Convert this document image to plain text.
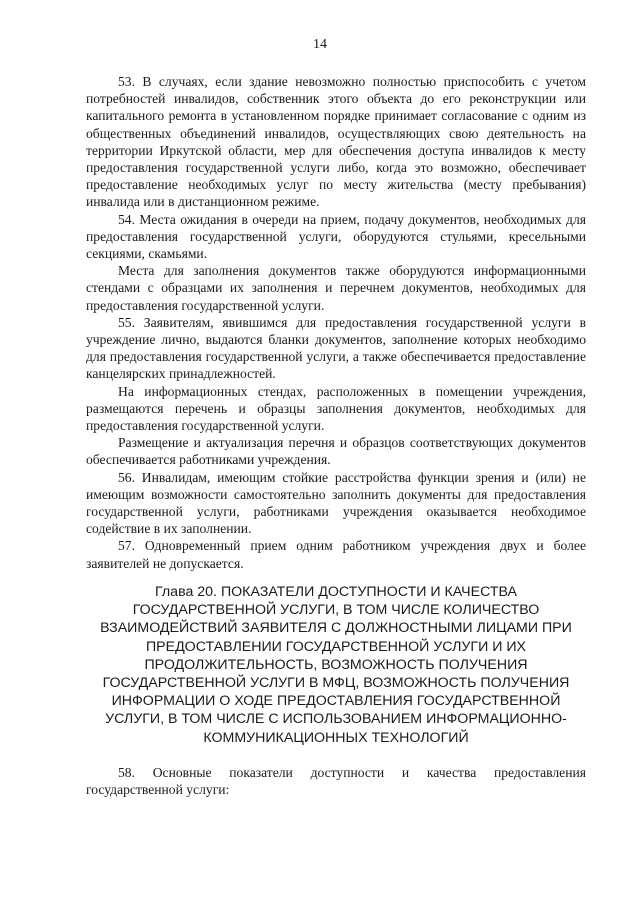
14

53. В случаях, если здание невозможно полностью приспособить с учетом потребностей инвалидов, собственник этого объекта до его реконструкции или капитального ремонта в установленном порядке принимает согласование с одним из общественных объединений инвалидов, осуществляющих свою деятельность на территории Иркутской области, мер для обеспечения доступа инвалидов к месту предоставления государственной услуги либо, когда это возможно, обеспечивает предоставление необходимых услуг по месту жительства (месту пребывания) инвалида или в дистанционном режиме.

54. Места ожидания в очереди на прием, подачу документов, необходимых для предоставления государственной услуги, оборудуются стульями, кресельными секциями, скамьями.

Места для заполнения документов также оборудуются информационными стендами с образцами их заполнения и перечнем документов, необходимых для предоставления государственной услуги.

55. Заявителям, явившимся для предоставления государственной услуги в учреждение лично, выдаются бланки документов, заполнение которых необходимо для предоставления государственной услуги, а также обеспечивается предоставление канцелярских принадлежностей.

На информационных стендах, расположенных в помещении учреждения, размещаются перечень и образцы заполнения документов, необходимых для предоставления государственной услуги.

Размещение и актуализация перечня и образцов соответствующих документов обеспечивается работниками учреждения.

56. Инвалидам, имеющим стойкие расстройства функции зрения и (или) не имеющим возможности самостоятельно заполнить документы для предоставления государственной услуги, работниками учреждения оказывается необходимое содействие в их заполнении.

57. Одновременный прием одним работником учреждения двух и более заявителей не допускается.

Глава 20. ПОКАЗАТЕЛИ ДОСТУПНОСТИ И КАЧЕСТВА ГОСУДАРСТВЕННОЙ УСЛУГИ, В ТОМ ЧИСЛЕ КОЛИЧЕСТВО ВЗАИМОДЕЙСТВИЙ ЗАЯВИТЕЛЯ С ДОЛЖНОСТНЫМИ ЛИЦАМИ ПРИ ПРЕДОСТАВЛЕНИИ ГОСУДАРСТВЕННОЙ УСЛУГИ И ИХ ПРОДОЛЖИТЕЛЬНОСТЬ, ВОЗМОЖНОСТЬ ПОЛУЧЕНИЯ ГОСУДАРСТВЕННОЙ УСЛУГИ В МФЦ, ВОЗМОЖНОСТЬ ПОЛУЧЕНИЯ ИНФОРМАЦИИ О ХОДЕ ПРЕДОСТАВЛЕНИЯ ГОСУДАРСТВЕННОЙ УСЛУГИ, В ТОМ ЧИСЛЕ С ИСПОЛЬЗОВАНИЕМ ИНФОРМАЦИОННО-КОММУНИКАЦИОННЫХ ТЕХНОЛОГИЙ

58. Основные показатели доступности и качества предоставления государственной услуги:
